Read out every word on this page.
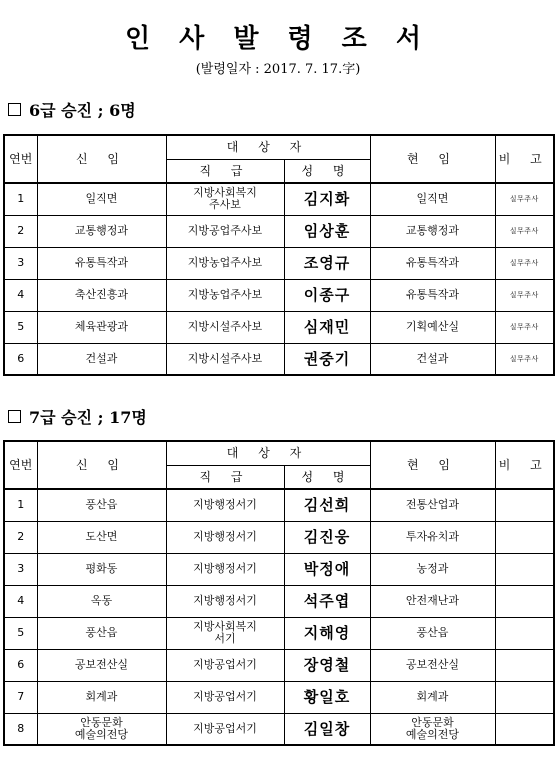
인 사 발 령 조 서
(발령일자 : 2017. 7. 17.字)
6급 승진 ; 6명
연번	신 임	대 상 자		현 임	비 고
		직 급	성 명		
1	일직면	지방사회복지
주사보	김지화	일직면	실무주사
2	교통행정과	지방공업주사보	임상훈	교통행정과	실무주사
3	유통특작과	지방농업주사보	조영규	유통특작과	실무주사
4	축산진흥과	지방농업주사보	이종구	유통특작과	실무주사
5	체육관광과	지방시설주사보	심재민	기획예산실	실무주사
6	건설과	지방시설주사보	권중기	건설과	실무주사
7급 승진 ; 17명
연번	신 임	대 상 자		현 임	비 고
		직 급	성 명		
1	풍산읍	지방행정서기	김선희	전통산업과	
2	도산면	지방행정서기	김진웅	투자유치과	
3	평화동	지방행정서기	박정애	농정과	
4	옥동	지방행정서기	석주엽	안전재난과	
5	풍산읍	지방사회복지
서기	지해영	풍산읍	
6	공보전산실	지방공업서기	장영철	공보전산실	
7	회계과	지방공업서기	황일호	회계과	
8	안동문화
예술의전당	지방공업서기	김일창	안동문화
예술의전당	
